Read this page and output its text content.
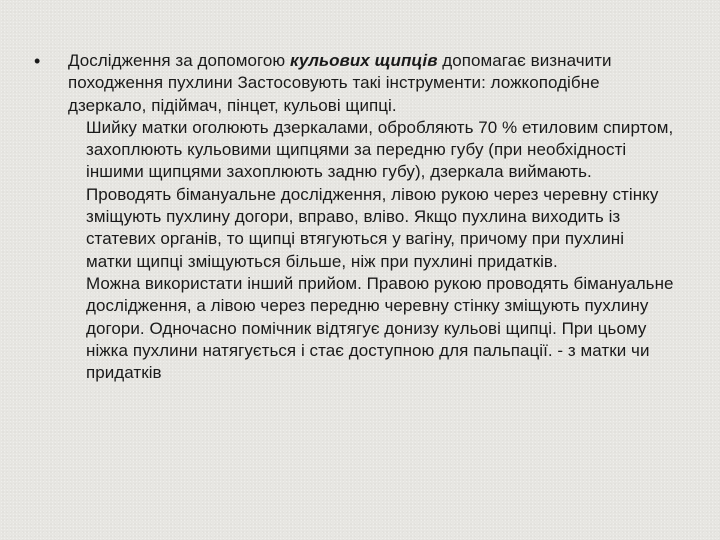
• Дослідження за допомогою кульових щипців допомагає визначити походження пухлини Застосовують такі інструменти: ложкоподібне дзеркало, підіймач, пінцет, кульові щипці.

Шийку матки оголюють дзеркалами, обробляють 70 % етиловим спиртом, захоплюють кульовими щипцями за передню губу (при необхідності іншими щипцями захоплюють задню губу), дзеркала виймають. Проводять бімануальне дослідження, лівою рукою через черевну стінку зміщують пухлину догори, вправо, вліво. Якщо пухлина виходить із статевих органів, то щипці втягуються у вагіну, причому при пухлині матки щипці зміщуються більше, ніж при пухлині придатків.

Можна використати інший прийом. Правою рукою проводять бімануальне дослідження, а лівою через передню черевну стінку зміщують пухлину догори. Одночасно помічник відтягує донизу кульові щипці. При цьому ніжка пухлини натягується і стає доступною для пальпації. - з матки чи придатків
